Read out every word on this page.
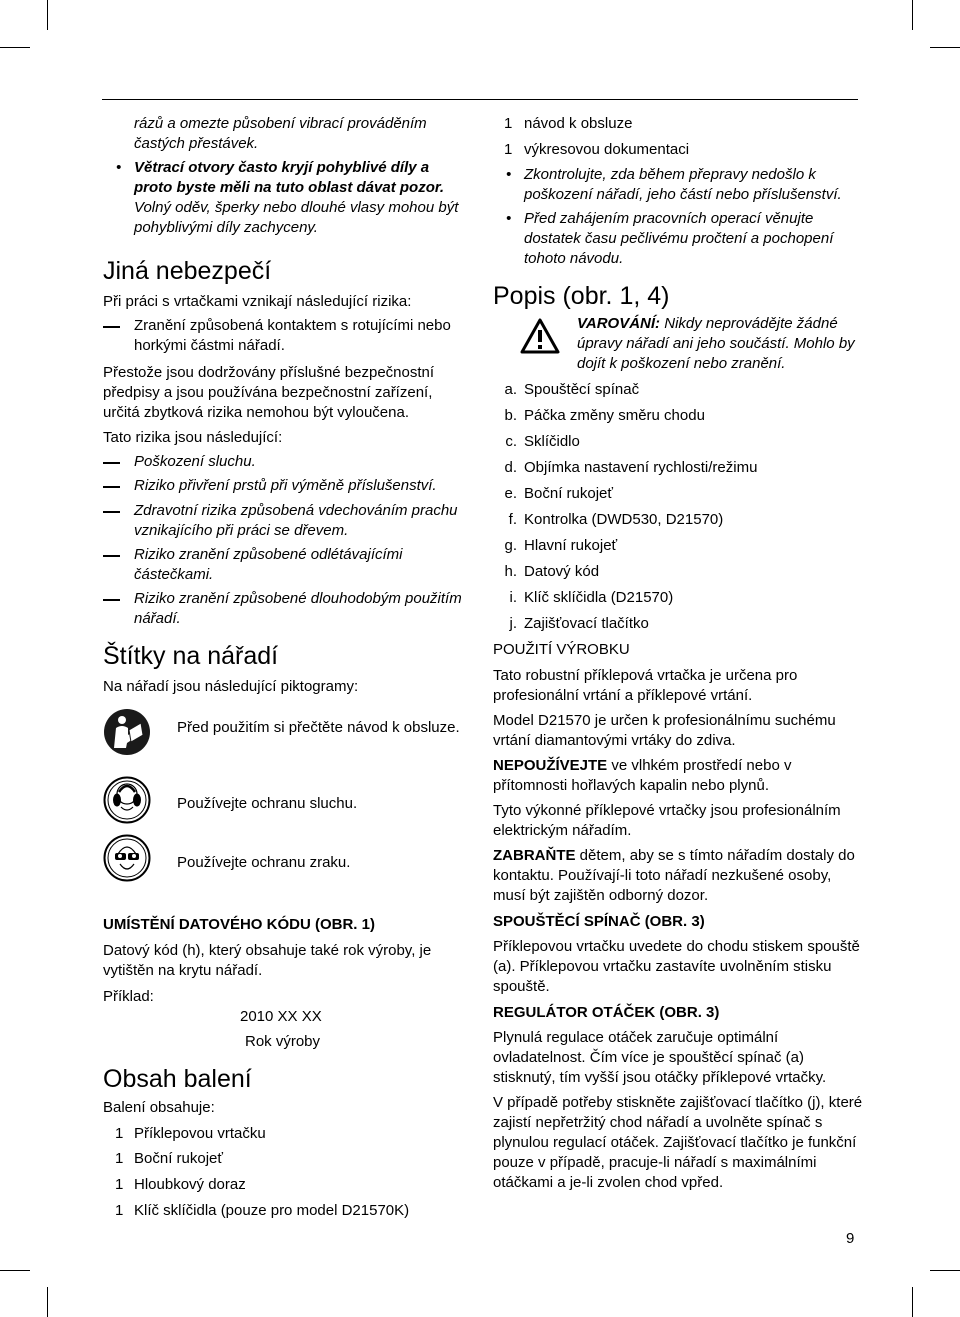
rázů a omezte působení vibrací prováděním častých přestávek.

• Větrací otvory často kryjí pohyblivé díly a proto byste měli na tuto oblast dávat pozor. Volný oděv, šperky nebo dlouhé vlasy mohou být pohyblivými díly zachyceny.

Jiná nebezpečí

Při práci s vrtačkami vznikají následující rizika:

Zranění způsobená kontaktem s rotujícími nebo horkými částmi nářadí.

Přestože jsou dodržovány příslušné bezpečnostní předpisy a jsou používána bezpečnostní zařízení, určitá zbytková rizika nemohou být vyloučena.

Tato rizika jsou následující:

Poškození sluchu.

Riziko přivření prstů při výměně příslušenství.

Zdravotní rizika způsobená vdechováním prachu vznikajícího při práci se dřevem.

Riziko zranění způsobené odlétávajícími částečkami.

Riziko zranění způsobené dlouhodobým použitím nářadí.

Štítky na nářadí

Na nářadí jsou následující piktogramy:

Před použitím si přečtěte návod k obsluze.

Používejte ochranu sluchu.

Používejte ochranu zraku.

UMÍSTĚNÍ DATOVÉHO KÓDU (OBR. 1)

Datový kód (h), který obsahuje také rok výroby, je vytištěn na krytu nářadí.

Příklad:

2010 XX XX

Rok výroby

Obsah balení

Balení obsahuje:

1 Příklepovou vrtačku

1 Boční rukojeť

1 Hloubkový doraz

1 Klíč sklíčidla (pouze pro model D21570K)

1 návod k obsluze

1 výkresovou dokumentaci

• Zkontrolujte, zda během přepravy nedošlo k poškození nářadí, jeho částí nebo příslušenství.

• Před zahájením pracovních operací věnujte dostatek času pečlivému pročtení a pochopení tohoto návodu.

Popis (obr. 1, 4)

VAROVÁNÍ: Nikdy neprovádějte žádné úpravy nářadí ani jeho součástí. Mohlo by dojít k poškození nebo zranění.

a. Spouštěcí spínač

b. Páčka změny směru chodu

c. Sklíčidlo

d. Objímka nastavení rychlosti/režimu

e. Boční rukojeť

f. Kontrolka (DWD530, D21570)

g. Hlavní rukojeť

h. Datový kód

i. Klíč sklíčidla (D21570)

j. Zajišťovací tlačítko

POUŽITÍ VÝROBKU

Tato robustní příklepová vrtačka je určena pro profesionální vrtání a příklepové vrtání.

Model D21570 je určen k profesionálnímu suchému vrtání diamantovými vrtáky do zdiva.

NEPOUŽÍVEJTE ve vlhkém prostředí nebo v přítomnosti hořlavých kapalin nebo plynů.

Tyto výkonné příklepové vrtačky jsou profesionálním elektrickým nářadím.

ZABRAŇTE dětem, aby se s tímto nářadím dostaly do kontaktu. Používají-li toto nářadí nezkušené osoby, musí být zajištěn odborný dozor.

SPOUŠTĚCÍ SPÍNAČ (OBR. 3)

Příklepovou vrtačku uvedete do chodu stiskem spouště (a). Příklepovou vrtačku zastavíte uvolněním stisku spouště.

REGULÁTOR OTÁČEK (OBR. 3)

Plynulá regulace otáček zaručuje optimální ovladatelnost. Čím více je spouštěcí spínač (a) stisknutý, tím vyšší jsou otáčky příklepové vrtačky.

V případě potřeby stiskněte zajišťovací tlačítko (j), které zajistí nepřetržitý chod nářadí a uvolněte spínač s plynulou regulací otáček. Zajišťovací tlačítko je funkční pouze v případě, pracuje-li nářadí s maximálními otáčkami a je-li zvolen chod vpřed.

9
